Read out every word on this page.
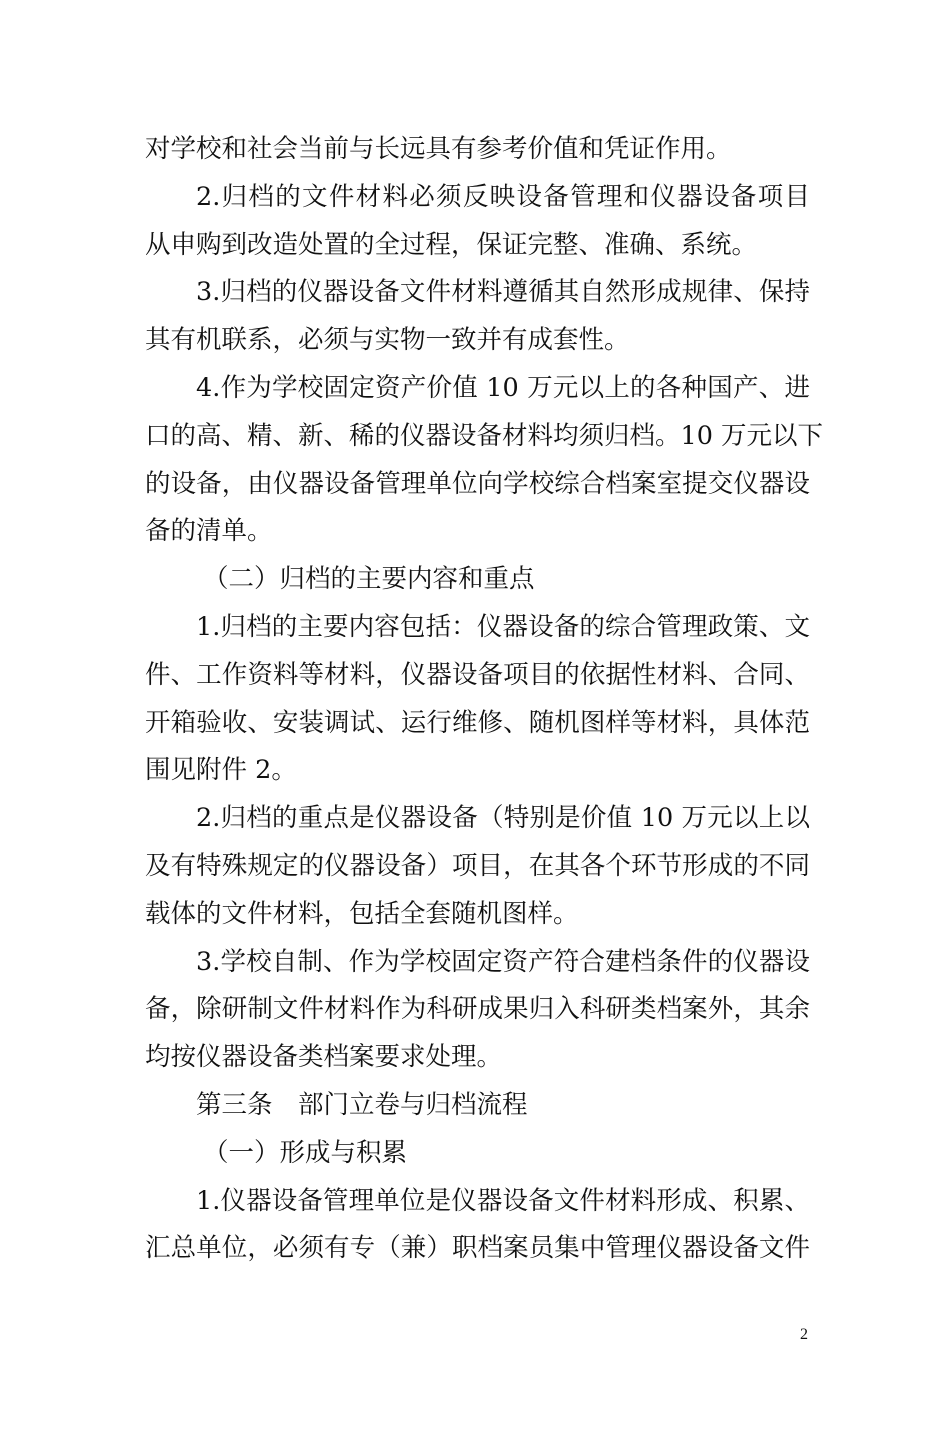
对学校和社会当前与长远具有参考价值和凭证作用。
2.归档的文件材料必须反映设备管理和仪器设备项目
从申购到改造处置的全过程，保证完整、准确、系统。
3.归档的仪器设备文件材料遵循其自然形成规律、保持
其有机联系，必须与实物一致并有成套性。
4.作为学校固定资产价值 10 万元以上的各种国产、进
口的高、精、新、稀的仪器设备材料均须归档。10 万元以下
的设备，由仪器设备管理单位向学校综合档案室提交仪器设
备的清单。
（二）归档的主要内容和重点
1.归档的主要内容包括：仪器设备的综合管理政策、文
件、工作资料等材料，仪器设备项目的依据性材料、合同、
开箱验收、安装调试、运行维修、随机图样等材料，具体范
围见附件 2。
2.归档的重点是仪器设备（特别是价值 10 万元以上以
及有特殊规定的仪器设备）项目，在其各个环节形成的不同
载体的文件材料，包括全套随机图样。
3.学校自制、作为学校固定资产符合建档条件的仪器设
备，除研制文件材料作为科研成果归入科研类档案外，其余
均按仪器设备类档案要求处理。
第三条　部门立卷与归档流程
（一）形成与积累
1.仪器设备管理单位是仪器设备文件材料形成、积累、
汇总单位，必须有专（兼）职档案员集中管理仪器设备文件
2
